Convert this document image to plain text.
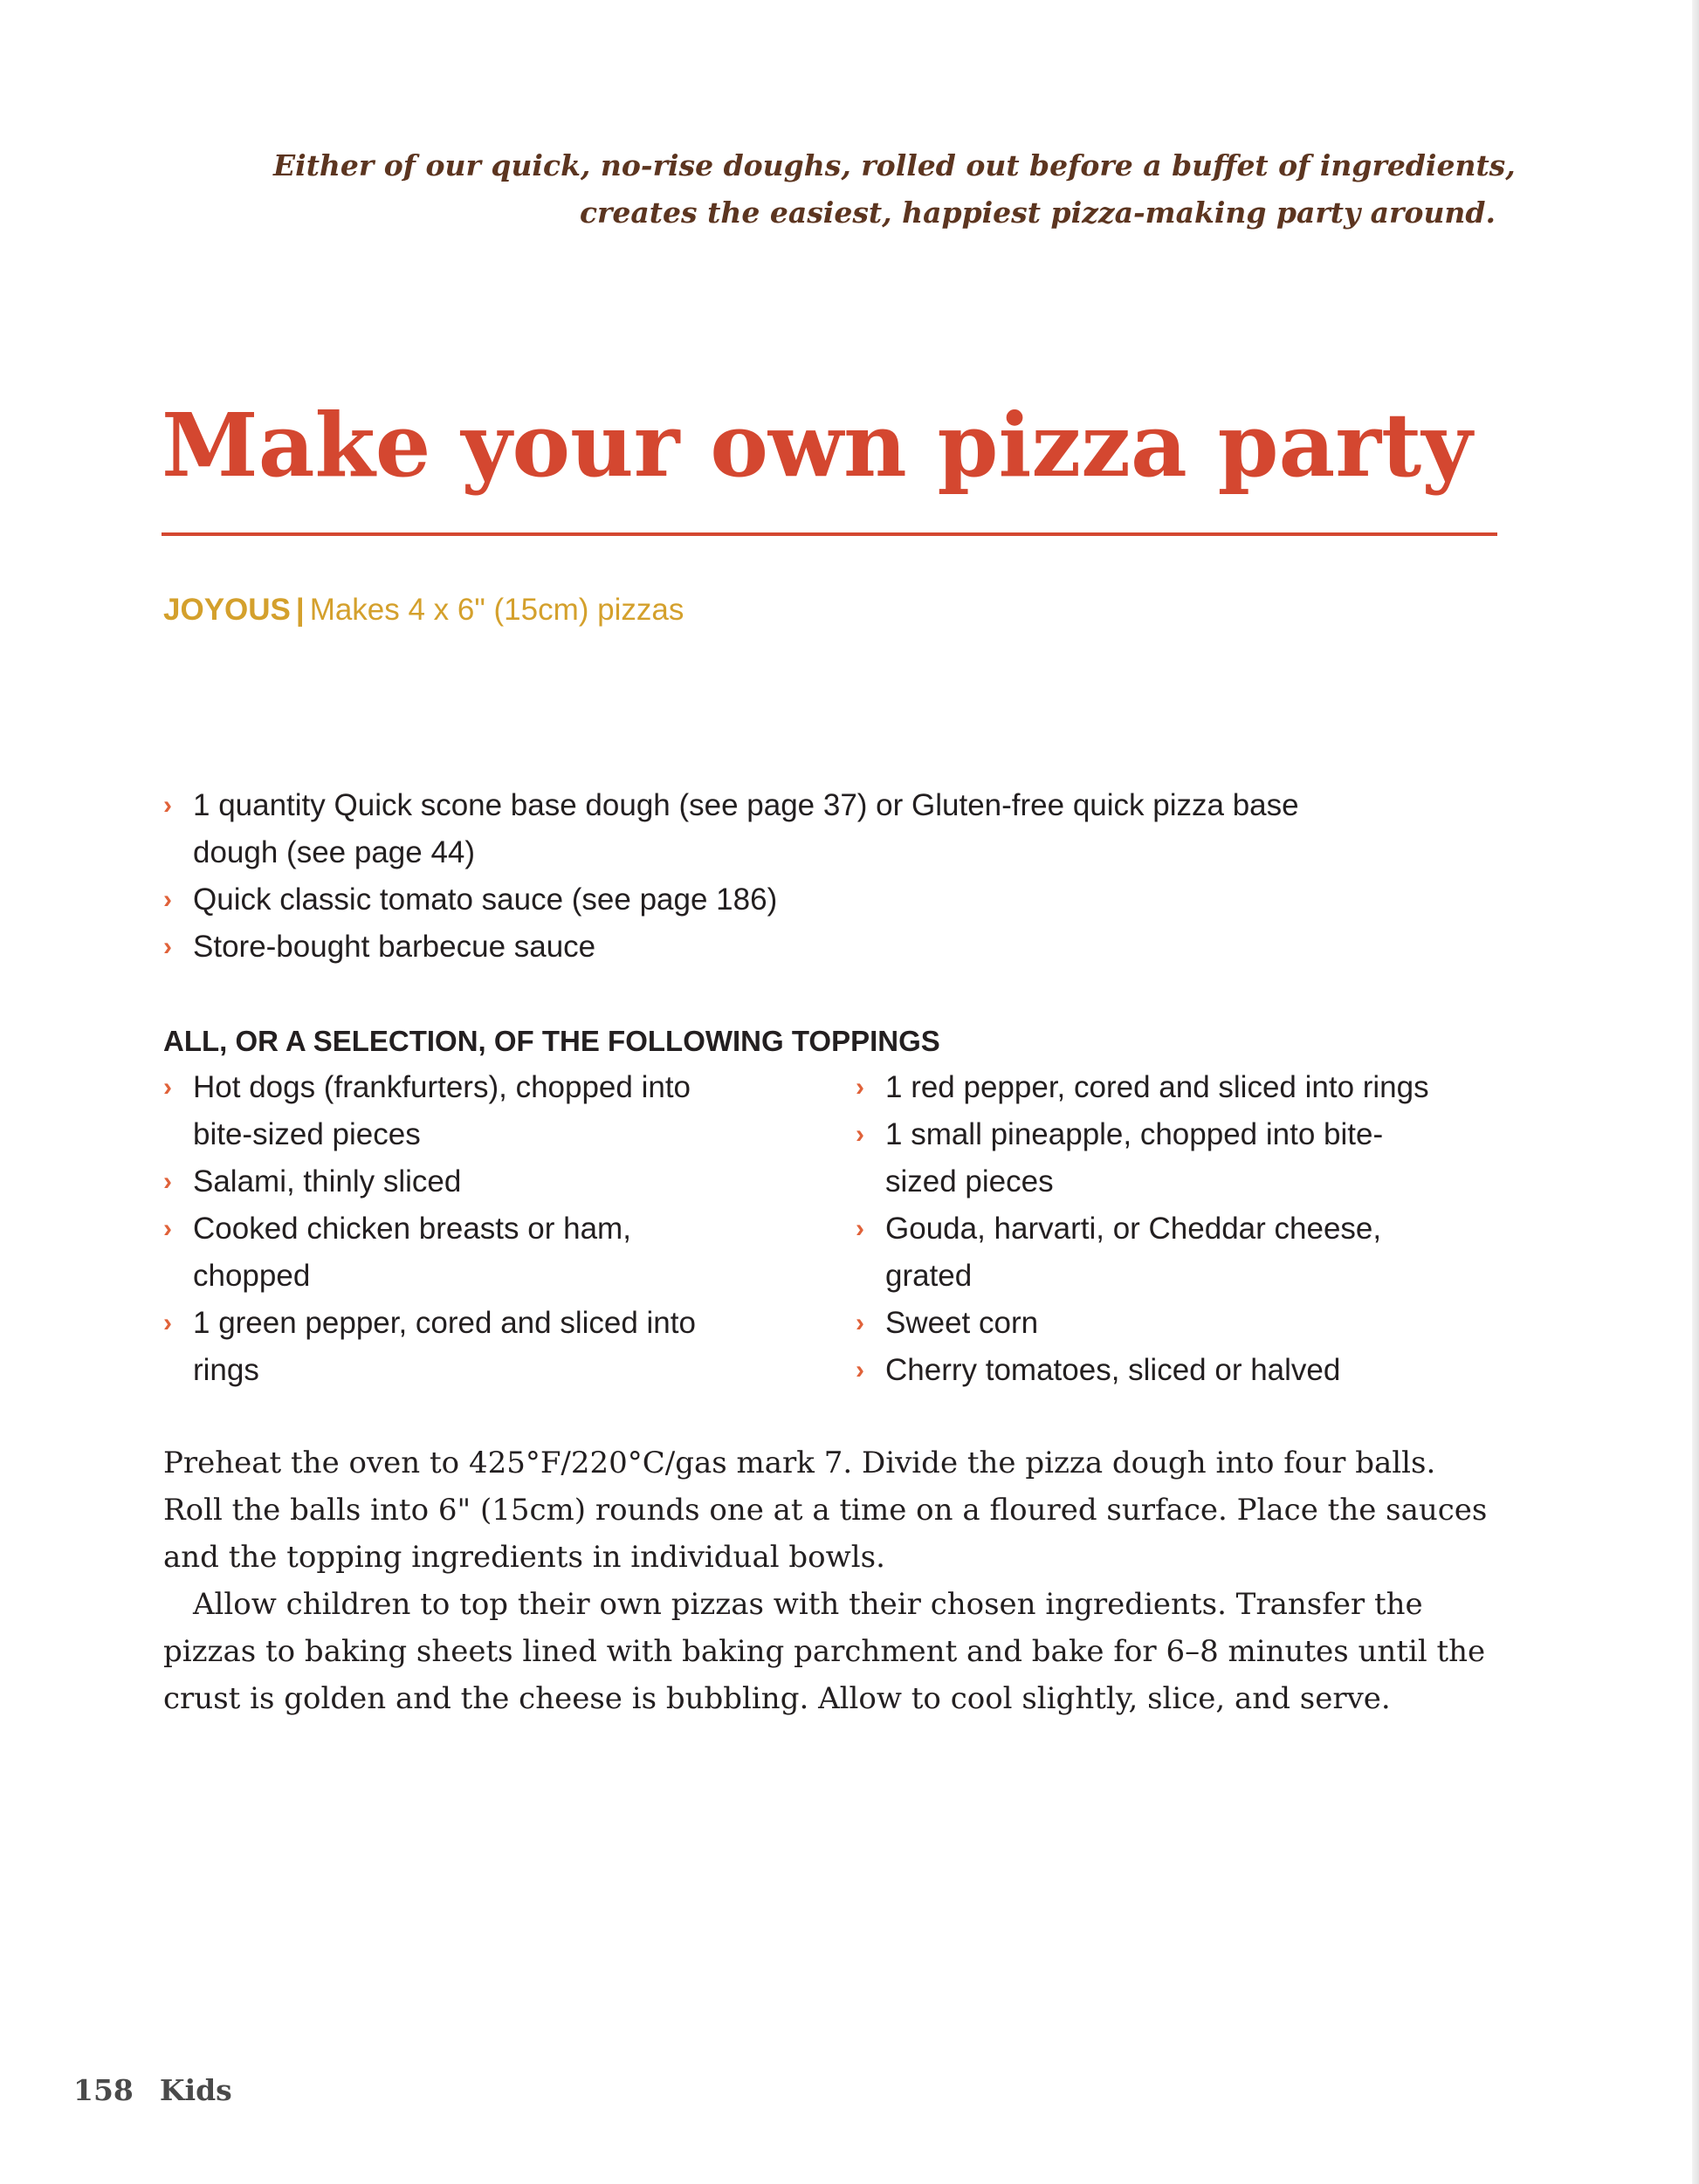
Either of our quick, no-rise doughs, rolled out before a buffet of ingredients,
creates the easiest, happiest pizza-making party around.
Make your own pizza party
JOYOUS | Makes 4 x 6" (15cm) pizzas
› 1 quantity Quick scone base dough (see page 37) or Gluten-free quick pizza base
dough (see page 44)
› Quick classic tomato sauce (see page 186)
› Store-bought barbecue sauce
ALL, OR A SELECTION, OF THE FOLLOWING TOPPINGS
› Hot dogs (frankfurters), chopped into
bite-sized pieces
› Salami, thinly sliced
› Cooked chicken breasts or ham,
chopped
› 1 green pepper, cored and sliced into
rings
› 1 red pepper, cored and sliced into rings
› 1 small pineapple, chopped into bite-
sized pieces
› Gouda, harvarti, or Cheddar cheese,
grated
› Sweet corn
› Cherry tomatoes, sliced or halved

Preheat the oven to 425°F/220°C/gas mark 7. Divide the pizza dough into four balls.
Roll the balls into 6" (15cm) rounds one at a time on a floured surface. Place the sauces
and the topping ingredients in individual bowls.

Allow children to top their own pizzas with their chosen ingredients. Transfer the
pizzas to baking sheets lined with baking parchment and bake for 6–8 minutes until the
crust is golden and the cheese is bubbling. Allow to cool slightly, slice, and serve.

158 Kids
